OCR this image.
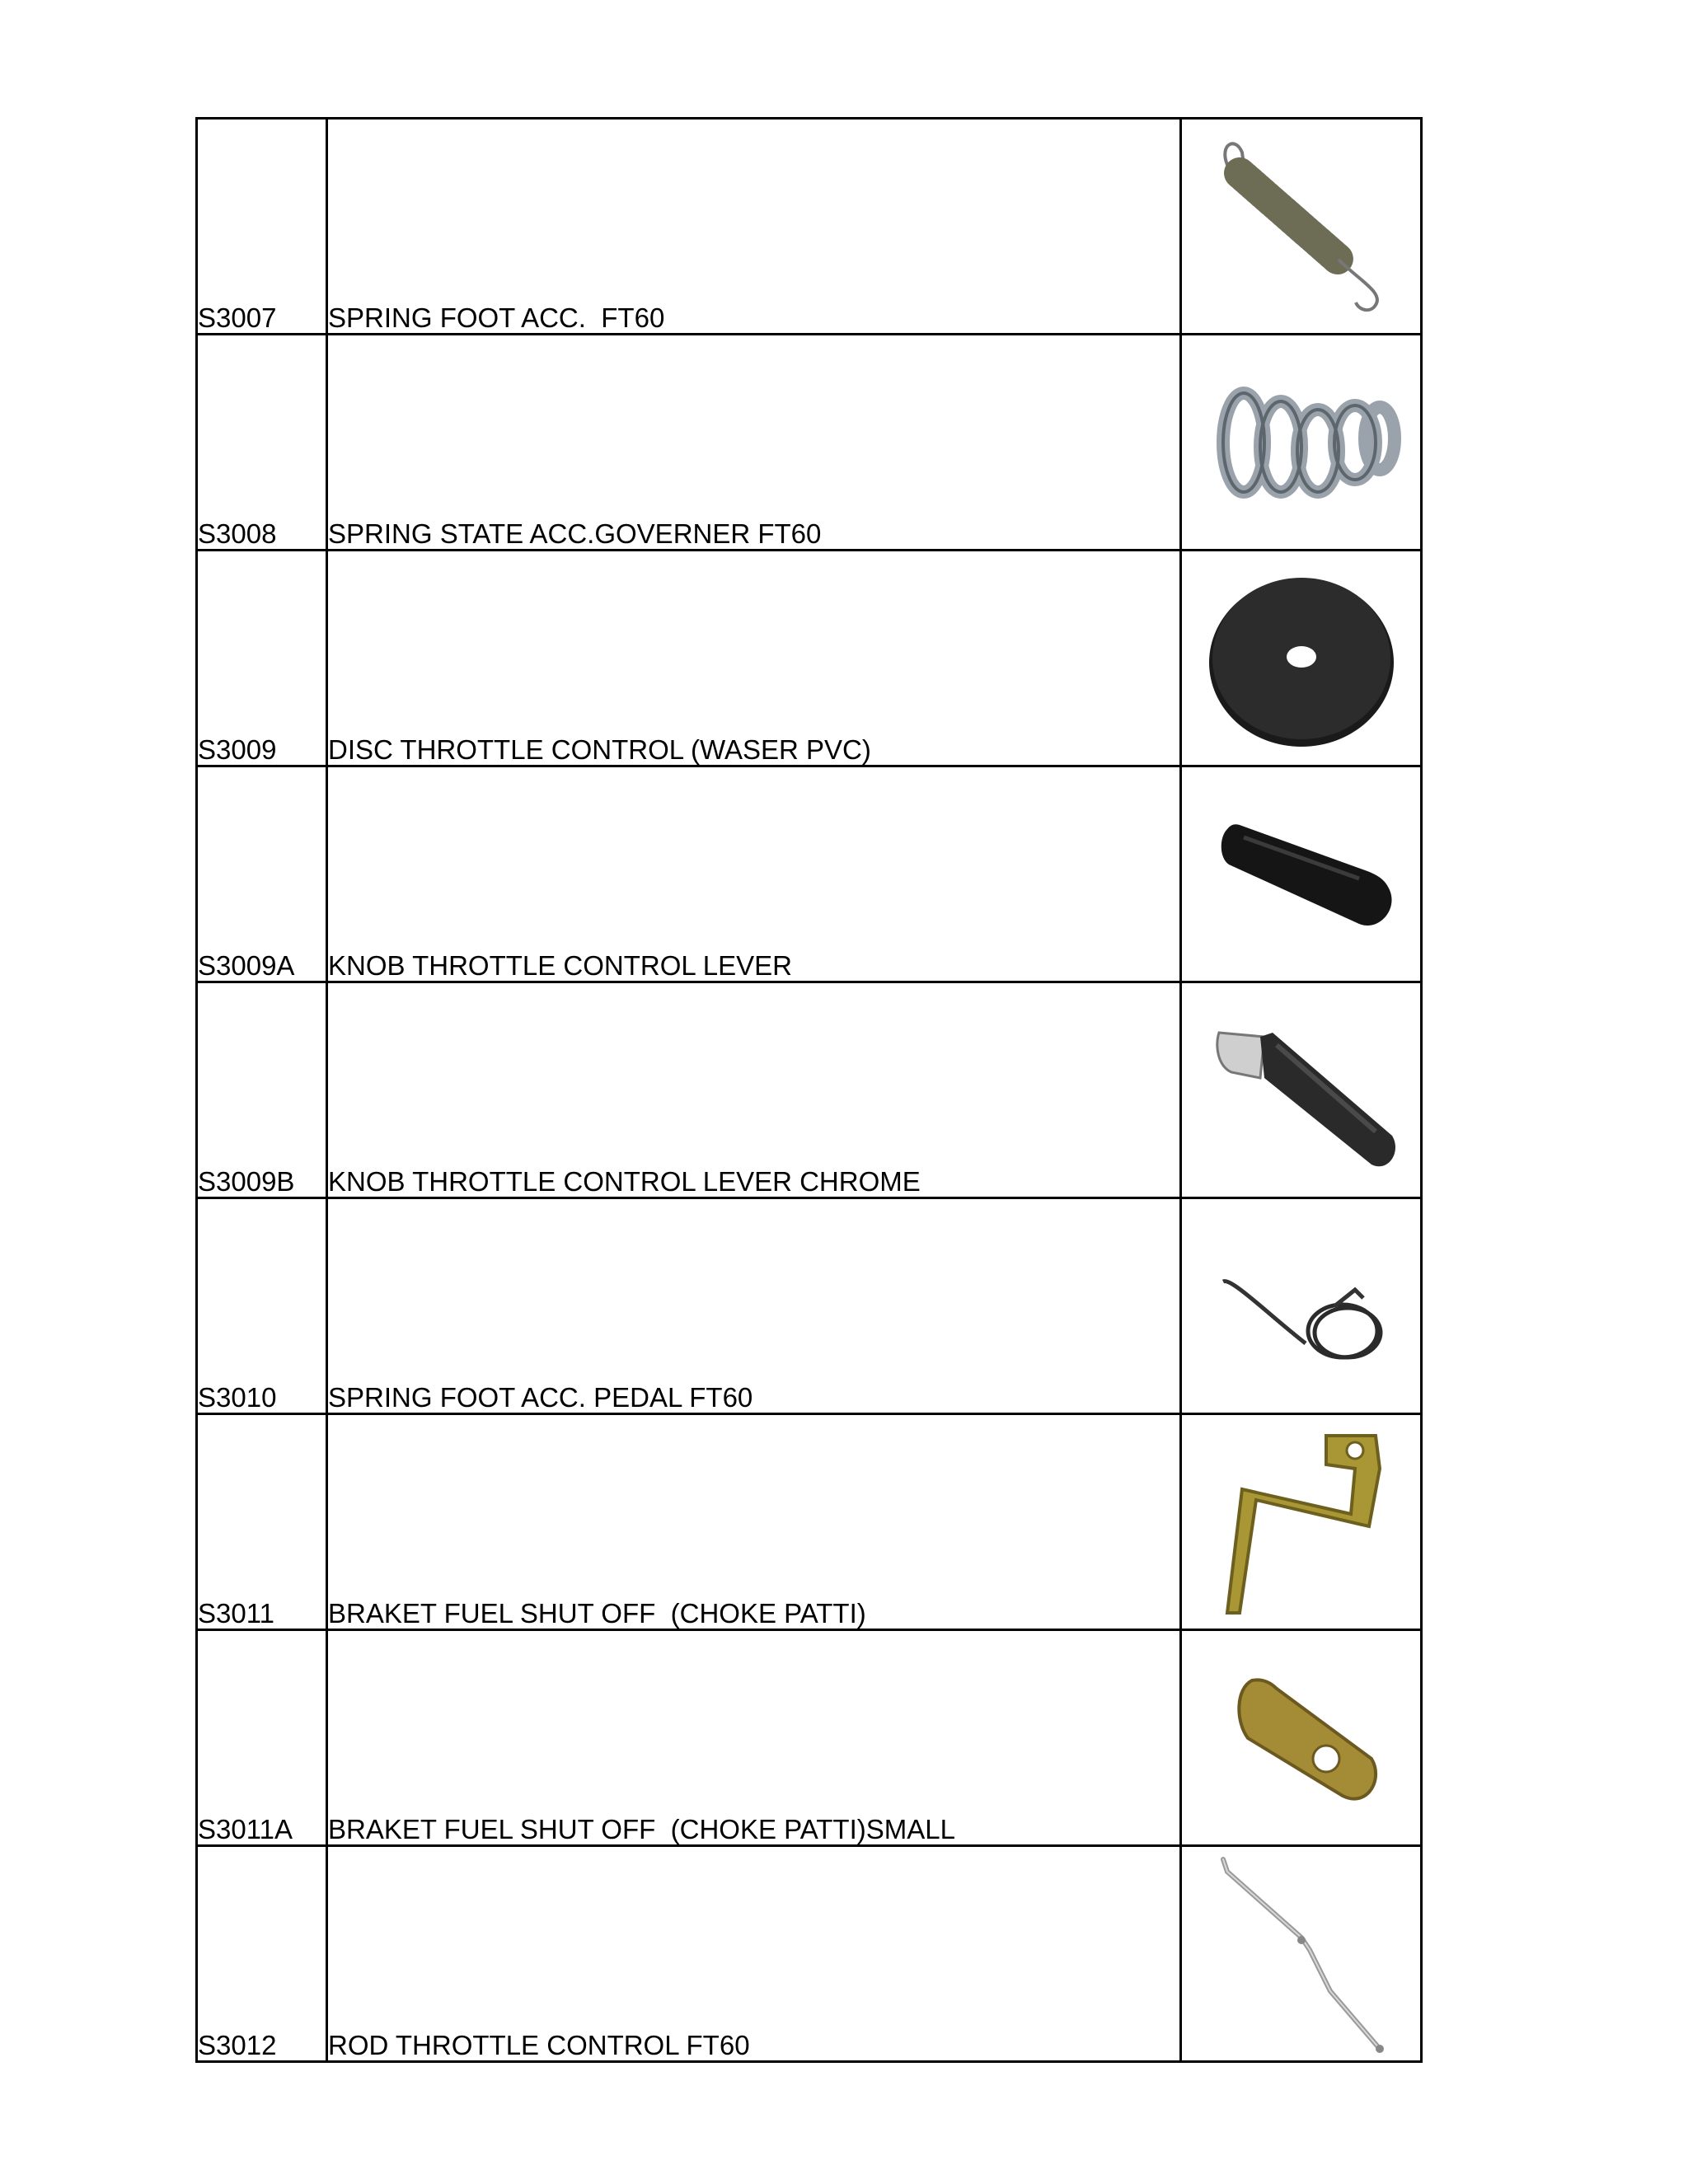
S3007	SPRING FOOT ACC.  FT60	

S3008	SPRING STATE ACC.GOVERNER FT60	

S3009	DISC THROTTLE CONTROL (WASER PVC)	

S3009A	KNOB THROTTLE CONTROL LEVER	

S3009B	KNOB THROTTLE CONTROL LEVER CHROME	

S3010	SPRING FOOT ACC. PEDAL FT60	

S3011	BRAKET FUEL SHUT OFF  (CHOKE PATTI)	

S3011A	BRAKET FUEL SHUT OFF  (CHOKE PATTI)SMALL	

S3012	ROD THROTTLE CONTROL FT60	
